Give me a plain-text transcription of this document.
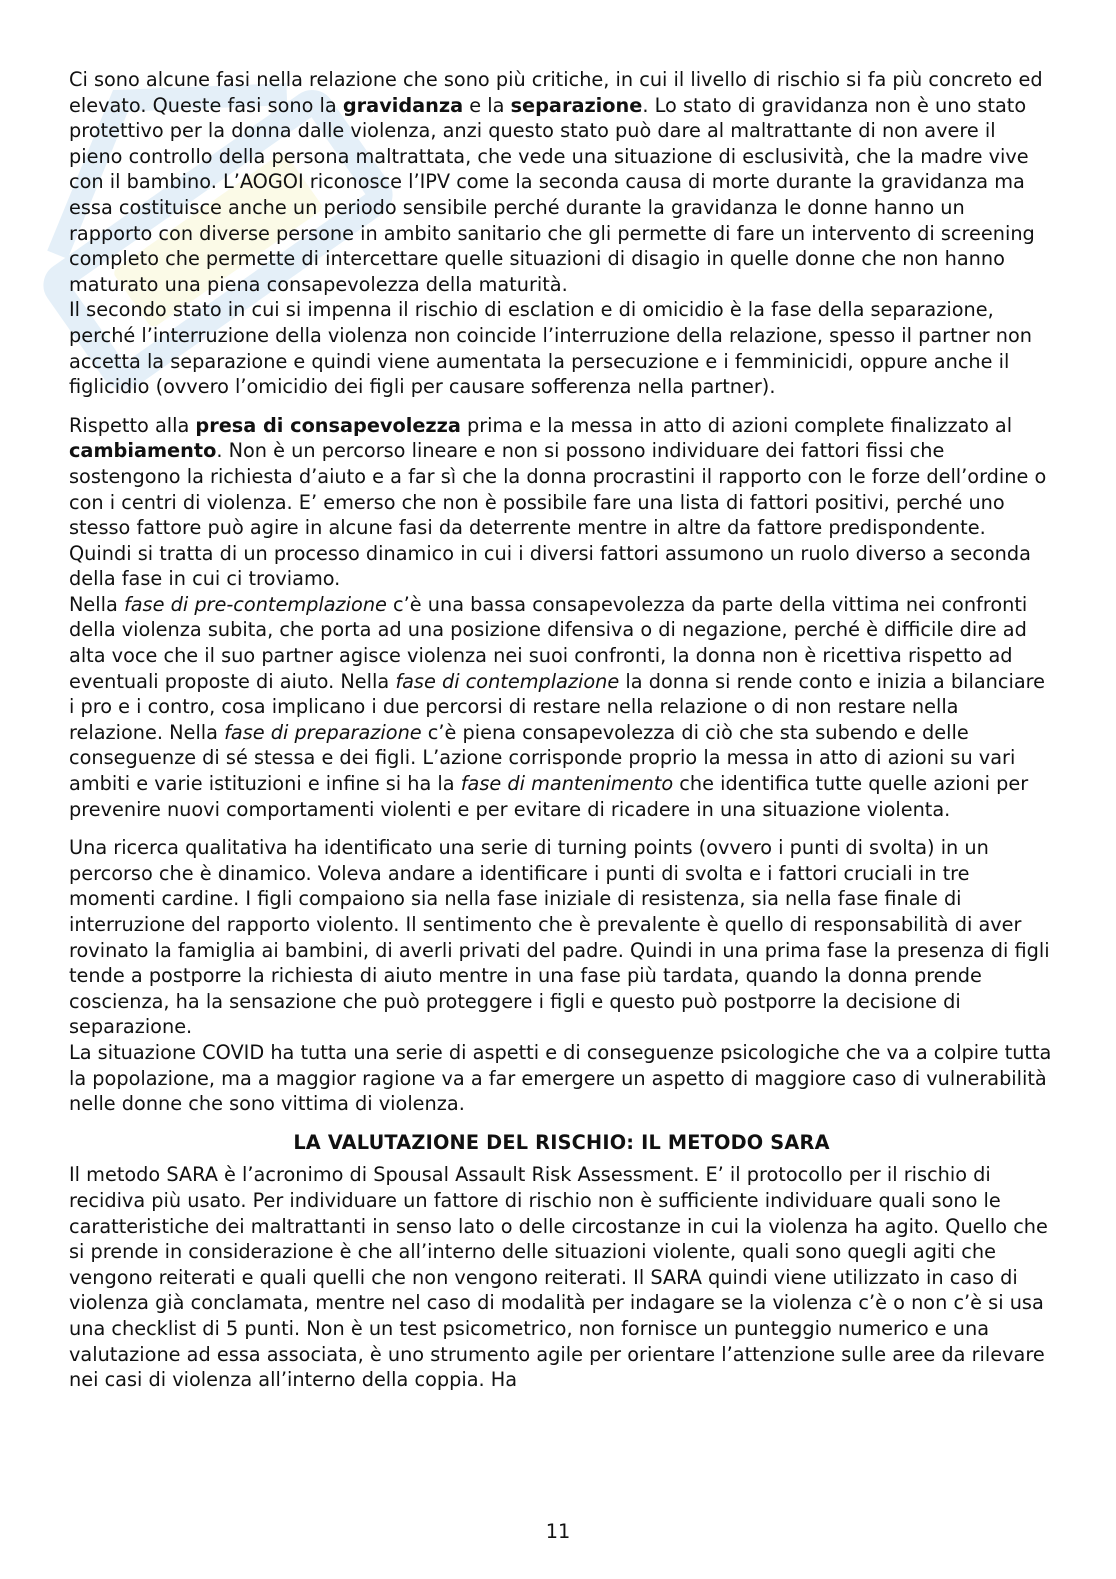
Ci sono alcune fasi nella relazione che sono più critiche, in cui il livello di rischio si fa più concreto ed elevato. Queste fasi sono la gravidanza e la separazione. Lo stato di gravidanza non è uno stato protettivo per la donna dalle violenza, anzi questo stato può dare al maltrattante di non avere il pieno controllo della persona maltrattata, che vede una situazione di esclusività, che la madre vive con il bambino. L’AOGOI riconosce l’IPV come la seconda causa di morte durante la gravidanza ma essa costituisce anche un periodo sensibile perché durante la gravidanza le donne hanno un rapporto con diverse persone in ambito sanitario che gli permette di fare un intervento di screening completo che permette di intercettare quelle situazioni di disagio in quelle donne che non hanno maturato una piena consapevolezza della maturità.

Il secondo stato in cui si impenna il rischio di esclation e di omicidio è la fase della separazione, perché l’interruzione della violenza non coincide l’interruzione della relazione, spesso il partner non accetta la separazione e quindi viene aumentata la persecuzione e i femminicidi, oppure anche il figlicidio (ovvero l’omicidio dei figli per causare sofferenza nella partner).

Rispetto alla presa di consapevolezza prima e la messa in atto di azioni complete finalizzato al cambiamento. Non è un percorso lineare e non si possono individuare dei fattori fissi che sostengono la richiesta d’aiuto e a far sì che la donna procrastini il rapporto con le forze dell’ordine o con i centri di violenza. E’ emerso che non è possibile fare una lista di fattori positivi, perché uno stesso fattore può agire in alcune fasi da deterrente mentre in altre da fattore predispondente. Quindi si tratta di un processo dinamico in cui i diversi fattori assumono un ruolo diverso a seconda della fase in cui ci troviamo.

Nella fase di pre-contemplazione c’è una bassa consapevolezza da parte della vittima nei confronti della violenza subita, che porta ad una posizione difensiva o di negazione, perché è difficile dire ad alta voce che il suo partner agisce violenza nei suoi confronti, la donna non è ricettiva rispetto ad eventuali proposte di aiuto. Nella fase di contemplazione la donna si rende conto e inizia a bilanciare i pro e i contro, cosa implicano i due percorsi di restare nella relazione o di non restare nella relazione. Nella fase di preparazione c’è piena consapevolezza di ciò che sta subendo e delle conseguenze di sé stessa e dei figli. L’azione corrisponde proprio la messa in atto di azioni su vari ambiti e varie istituzioni e infine si ha la fase di mantenimento che identifica tutte quelle azioni per prevenire nuovi comportamenti violenti e per evitare di ricadere in una situazione violenta.

Una ricerca qualitativa ha identificato una serie di turning points (ovvero i punti di svolta) in un percorso che è dinamico. Voleva andare a identificare i punti di svolta e i fattori cruciali in tre momenti cardine. I figli compaiono sia nella fase iniziale di resistenza, sia nella fase finale di interruzione del rapporto violento. Il sentimento che è prevalente è quello di responsabilità di aver rovinato la famiglia ai bambini, di averli privati del padre. Quindi in una prima fase la presenza di figli tende a postporre la richiesta di aiuto mentre in una fase più tardata, quando la donna prende coscienza, ha la sensazione che può proteggere i figli e questo può postporre la decisione di separazione.

La situazione COVID ha tutta una serie di aspetti e di conseguenze psicologiche che va a colpire tutta la popolazione, ma a maggior ragione va a far emergere un aspetto di maggiore caso di vulnerabilità nelle donne che sono vittima di violenza.

LA VALUTAZIONE DEL RISCHIO: IL METODO SARA

Il metodo SARA è l’acronimo di Spousal Assault Risk Assessment. E’ il protocollo per il rischio di recidiva più usato. Per individuare un fattore di rischio non è sufficiente individuare quali sono le caratteristiche dei maltrattanti in senso lato o delle circostanze in cui la violenza ha agito. Quello che si prende in considerazione è che all’interno delle situazioni violente, quali sono quegli agiti che vengono reiterati e quali quelli che non vengono reiterati. Il SARA quindi viene utilizzato in caso di violenza già conclamata, mentre nel caso di modalità per indagare se la violenza c’è o non c’è si usa una checklist di 5 punti. Non è un test psicometrico, non fornisce un punteggio numerico e una valutazione ad essa associata, è uno strumento agile per orientare l’attenzione sulle aree da rilevare nei casi di violenza all’interno della coppia. Ha

11
